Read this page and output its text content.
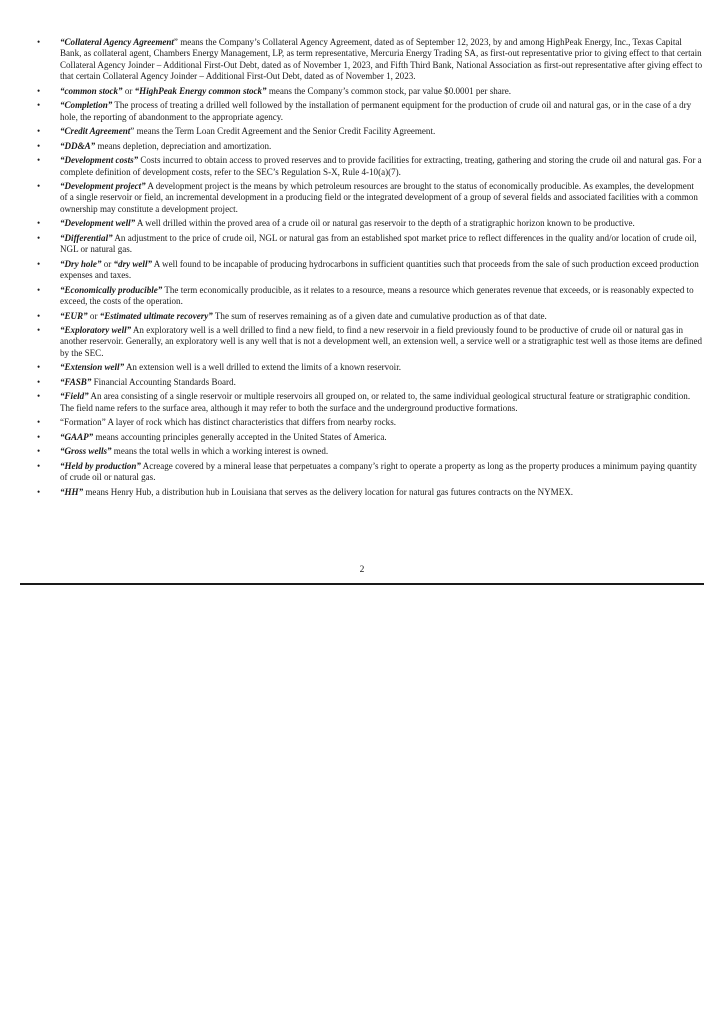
•	“Collateral Agency Agreement” means the Company’s Collateral Agency Agreement, dated as of September 12, 2023, by and among HighPeak Energy, Inc., Texas Capital Bank, as collateral agent, Chambers Energy Management, LP, as term representative, Mercuria Energy Trading SA, as first-out representative prior to giving effect to that certain Collateral Agency Joinder – Additional First-Out Debt, dated as of November 1, 2023, and Fifth Third Bank, National Association as first-out representative after giving effect to that certain Collateral Agency Joinder – Additional First-Out Debt, dated as of November 1, 2023.
•	“common stock” or “HighPeak Energy common stock” means the Company’s common stock, par value $0.0001 per share.
•	“Completion” The process of treating a drilled well followed by the installation of permanent equipment for the production of crude oil and natural gas, or in the case of a dry hole, the reporting of abandonment to the appropriate agency.
•	“Credit Agreement” means the Term Loan Credit Agreement and the Senior Credit Facility Agreement.
•	“DD&A” means depletion, depreciation and amortization.
•	“Development costs” Costs incurred to obtain access to proved reserves and to provide facilities for extracting, treating, gathering and storing the crude oil and natural gas. For a complete definition of development costs, refer to the SEC’s Regulation S-X, Rule 4-10(a)(7).
•	“Development project” A development project is the means by which petroleum resources are brought to the status of economically producible. As examples, the development of a single reservoir or field, an incremental development in a producing field or the integrated development of a group of several fields and associated facilities with a common ownership may constitute a development project.
•	“Development well” A well drilled within the proved area of a crude oil or natural gas reservoir to the depth of a stratigraphic horizon known to be productive.
•	“Differential” An adjustment to the price of crude oil, NGL or natural gas from an established spot market price to reflect differences in the quality and/or location of crude oil, NGL or natural gas.
•	“Dry hole” or “dry well” A well found to be incapable of producing hydrocarbons in sufficient quantities such that proceeds from the sale of such production exceed production expenses and taxes.
•	“Economically producible” The term economically producible, as it relates to a resource, means a resource which generates revenue that exceeds, or is reasonably expected to exceed, the costs of the operation.
•	“EUR” or “Estimated ultimate recovery” The sum of reserves remaining as of a given date and cumulative production as of that date.
•	“Exploratory well” An exploratory well is a well drilled to find a new field, to find a new reservoir in a field previously found to be productive of crude oil or natural gas in another reservoir. Generally, an exploratory well is any well that is not a development well, an extension well, a service well or a stratigraphic test well as those items are defined by the SEC.
•	“Extension well” An extension well is a well drilled to extend the limits of a known reservoir.
•	“FASB” Financial Accounting Standards Board.
•	“Field” An area consisting of a single reservoir or multiple reservoirs all grouped on, or related to, the same individual geological structural feature or stratigraphic condition. The field name refers to the surface area, although it may refer to both the surface and the underground productive formations.
•	“Formation” A layer of rock which has distinct characteristics that differs from nearby rocks.
•	“GAAP” means accounting principles generally accepted in the United States of America.
•	“Gross wells” means the total wells in which a working interest is owned.
•	“Held by production” Acreage covered by a mineral lease that perpetuates a company’s right to operate a property as long as the property produces a minimum paying quantity of crude oil or natural gas.
•	“HH” means Henry Hub, a distribution hub in Louisiana that serves as the delivery location for natural gas futures contracts on the NYMEX.
2
